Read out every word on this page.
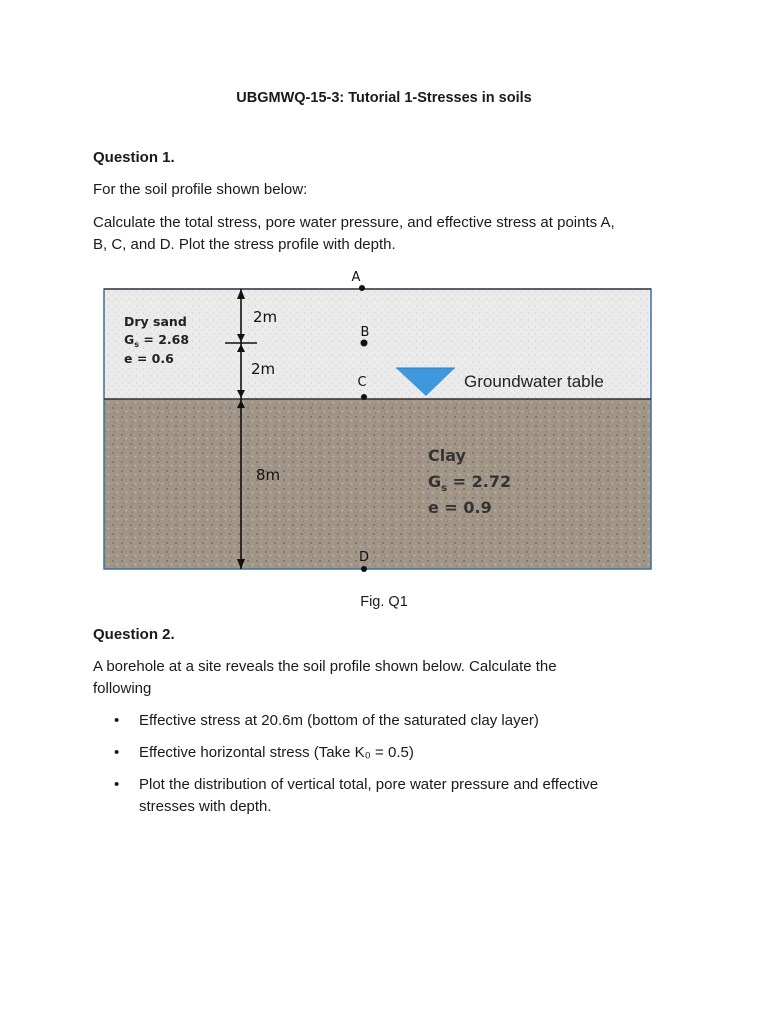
UBGMWQ-15-3: Tutorial 1-Stresses in soils

Question 1.

For the soil profile shown below:

Calculate the total stress, pore water pressure, and effective stress at points A,

B, C, and D. Plot the stress profile with depth.

2m
2m
8m
Dry sand
$G_s = 2.68$
e = 0.6
A
B
C
D
Groundwater table
Clay
$G_s = 2.72$
e = 0.9
Fig. Q1

Question 2.

A borehole at a site reveals the soil profile shown below. Calculate the

following

• Effective stress at 20.6m (bottom of the saturated clay layer)
• Effective horizontal stress (Take K₀ = 0.5)
• Plot the distribution of vertical total, pore water pressure and effective
stresses with depth.
